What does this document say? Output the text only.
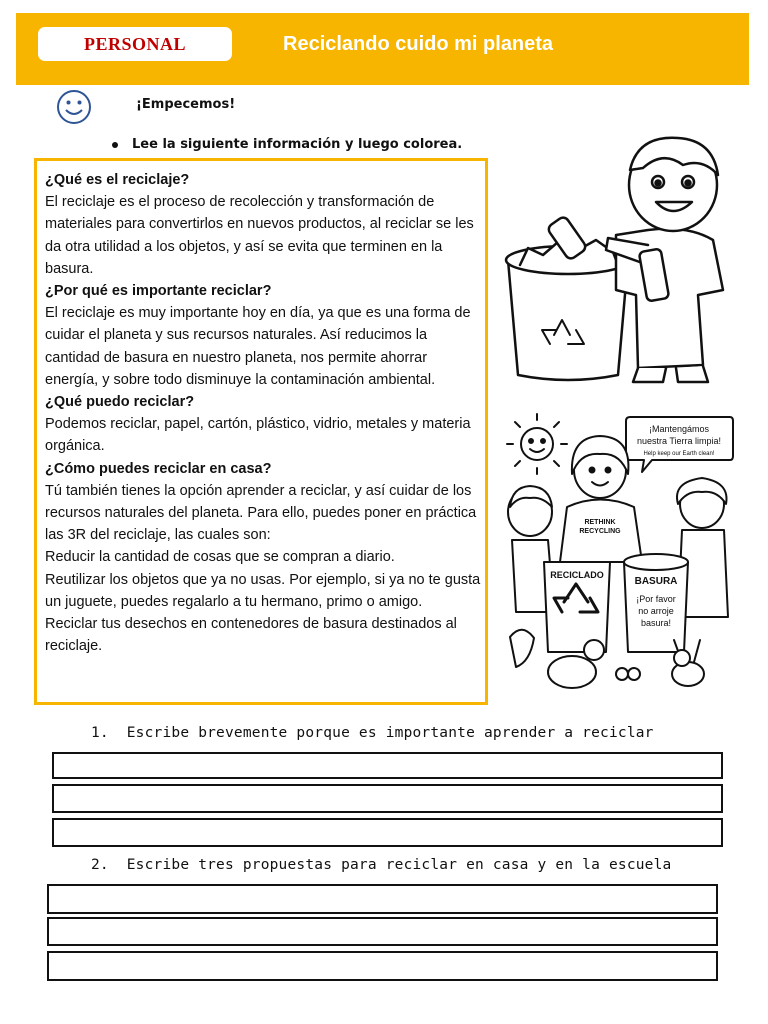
PERSONAL	Reciclando cuido mi planeta
¡Empecemos!
Lee la siguiente información y luego colorea.

¿Qué es el reciclaje?

El reciclaje es el proceso de recolección y transformación de materiales para convertirlos en nuevos productos, al reciclar se les da otra utilidad a los objetos, y así se evita que terminen en la basura.

¿Por qué es importante reciclar?

El reciclaje es muy importante hoy en día, ya que es una forma de cuidar el planeta y sus recursos naturales. Así reducimos la cantidad de basura en nuestro planeta, nos permite ahorrar energía, y sobre todo disminuye la contaminación ambiental.

¿Qué puedo reciclar?

Podemos reciclar, papel, cartón, plástico, vidrio, metales y materia orgánica.

¿Cómo puedes reciclar en casa?

Tú también tienes la opción aprender a reciclar, y así cuidar de los recursos naturales del planeta. Para ello, puedes poner en práctica las 3R del reciclaje, las cuales son:

Reducir la cantidad de cosas que se compran a diario.

Reutilizar los objetos que ya no usas. Por ejemplo, si ya no te gusta un juguete, puedes regalarlo a tu hermano, primo o amigo.

Reciclar tus desechos en contenedores de basura destinados al reciclaje.

¡Mantengámos
nuestra Tierra limpia!
Help keep our Earth clean!
RECICLADO
BASURA
¡Por favor
no arroje
basura!
RETHINK
RECYCLING
1. Escribe brevemente porque es importante aprender a reciclar
2. Escribe tres propuestas para reciclar en casa y en la escuela
